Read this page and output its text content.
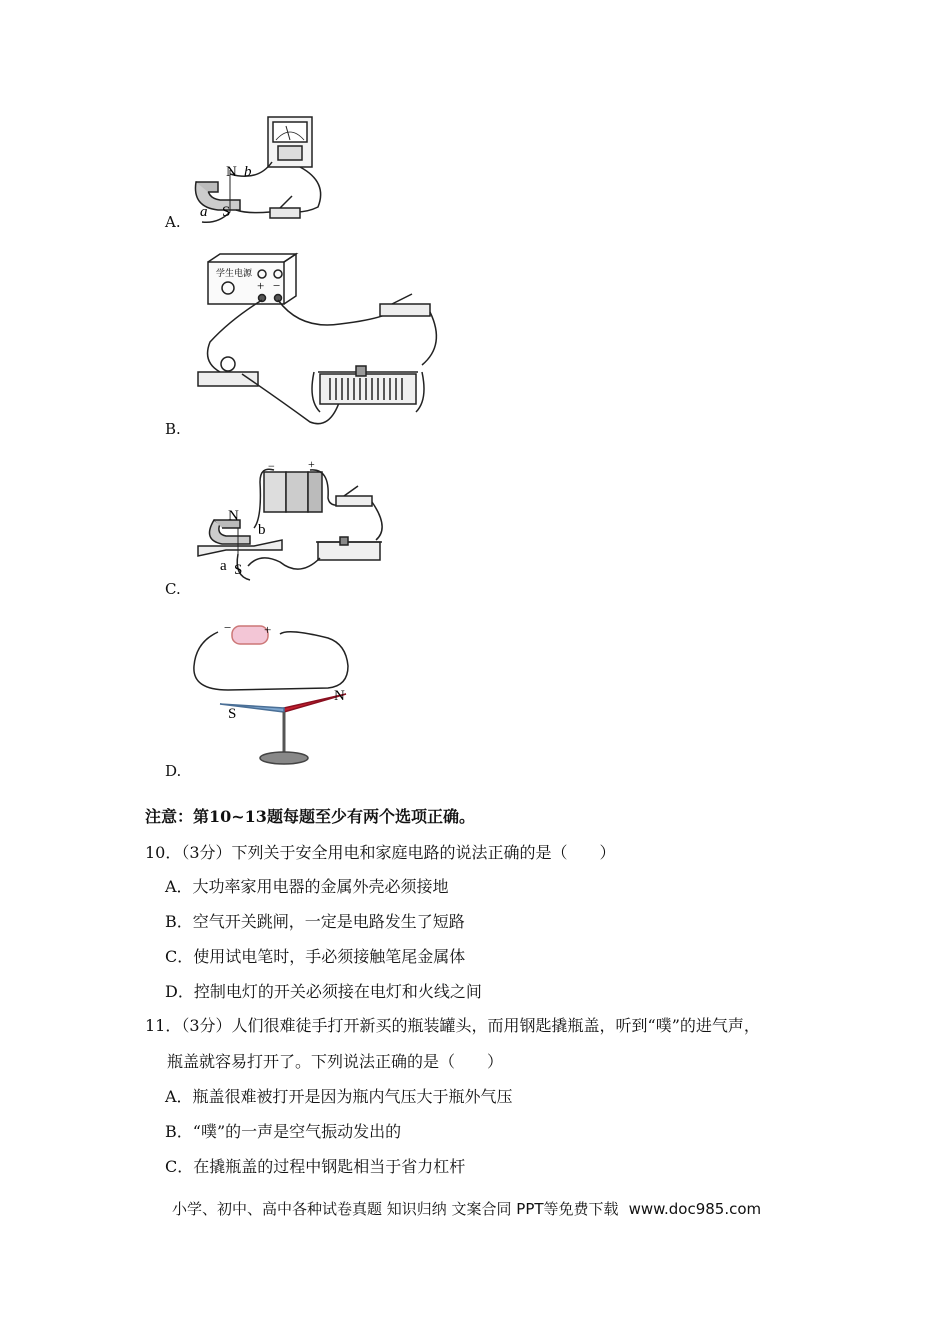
N b
a S
A.
学生电源
+ −
B.
N
b
a S
−	+
C.
−	+
S
N
D.
注意：第10~13题每题至少有两个选项正确。
10．（3分）下列关于安全用电和家庭电路的说法正确的是（　　）
A．大功率家用电器的金属外壳必须接地
B．空气开关跳闸，一定是电路发生了短路
C．使用试电笔时，手必须接触笔尾金属体
D．控制电灯的开关必须接在电灯和火线之间
11．（3分）人们很难徒手打开新买的瓶装罐头，而用钢匙撬瓶盖，听到“噗”的进气声，
瓶盖就容易打开了。下列说法正确的是（　　）
A．瓶盖很难被打开是因为瓶内气压大于瓶外气压
B．“噗”的一声是空气振动发出的
C．在撬瓶盖的过程中钢匙相当于省力杠杆
小学、初中、高中各种试卷真题 知识归纳 文案合同 PPT等免费下载 www.doc985.com
